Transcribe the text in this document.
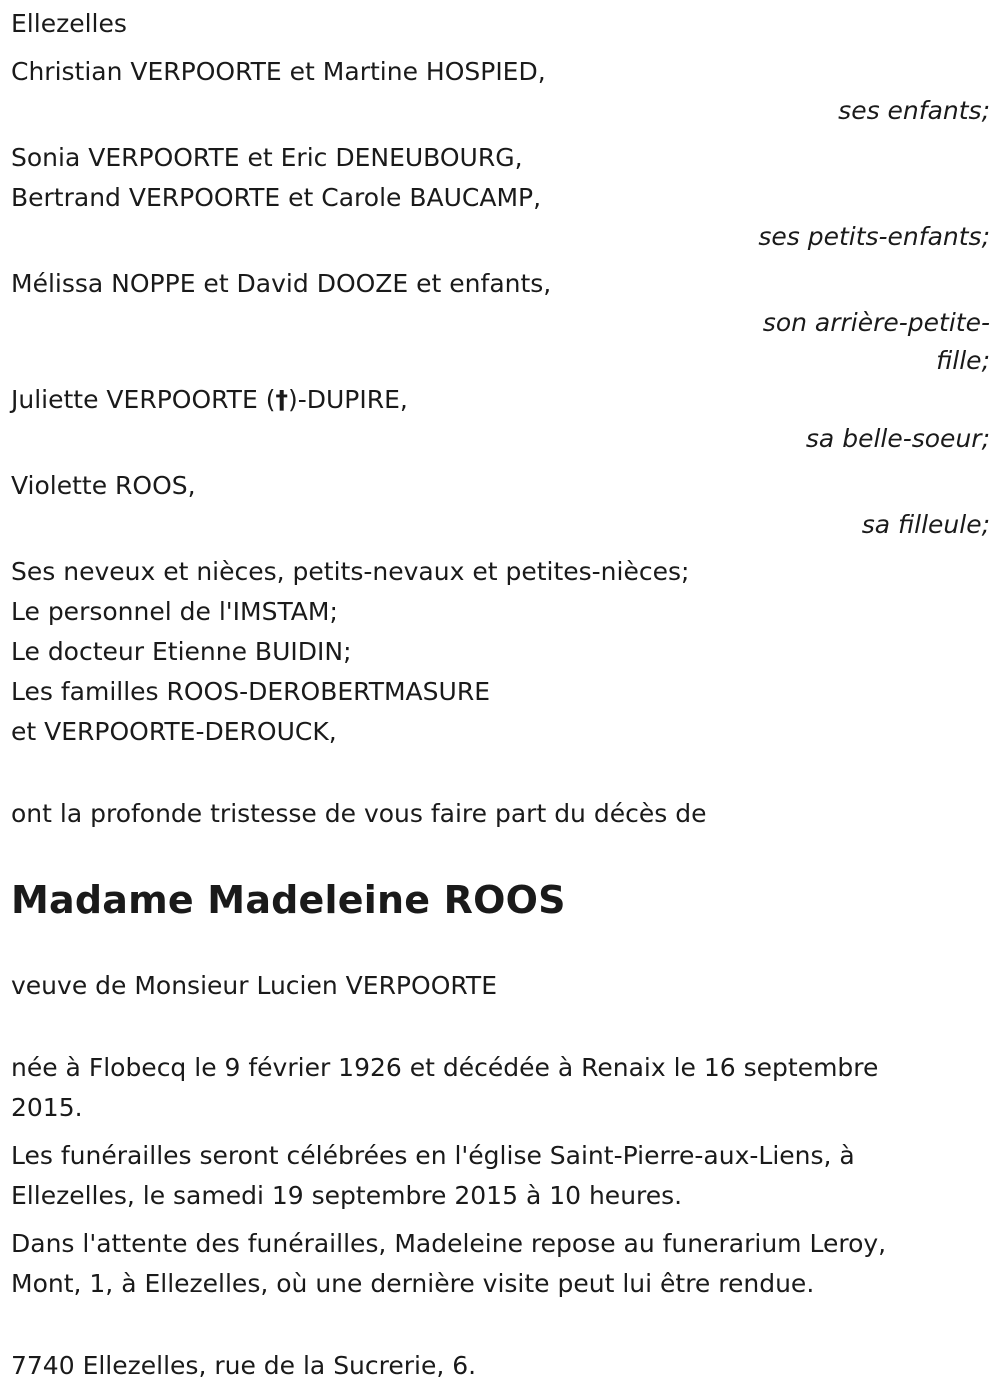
Ellezelles
Christian VERPOORTE et Martine HOSPIED,
ses enfants;
Sonia VERPOORTE et Eric DENEUBOURG,
Bertrand VERPOORTE et Carole BAUCAMP,
ses petits-enfants;
Mélissa NOPPE et David DOOZE et enfants,
son arrière-petite-
fille;
Juliette VERPOORTE (†)-DUPIRE,
sa belle-soeur;
Violette ROOS,
sa filleule;
Ses neveux et nièces, petits-nevaux et petites-nièces;
Le personnel de l'IMSTAM;
Le docteur Etienne BUIDIN;
Les familles ROOS-DEROBERTMASURE
et VERPOORTE-DEROUCK,
ont la profonde tristesse de vous faire part du décès de
Madame Madeleine ROOS
veuve de Monsieur Lucien VERPOORTE
née à Flobecq le 9 février 1926 et décédée à Renaix le 16 septembre 2015.
Les funérailles seront célébrées en l'église Saint-Pierre-aux-Liens, à Ellezelles, le samedi 19 septembre 2015 à 10 heures.
Dans l'attente des funérailles, Madeleine repose au funerarium Leroy, Mont, 1, à Ellezelles, où une dernière visite peut lui être rendue.
7740 Ellezelles, rue de la Sucrerie, 6.
